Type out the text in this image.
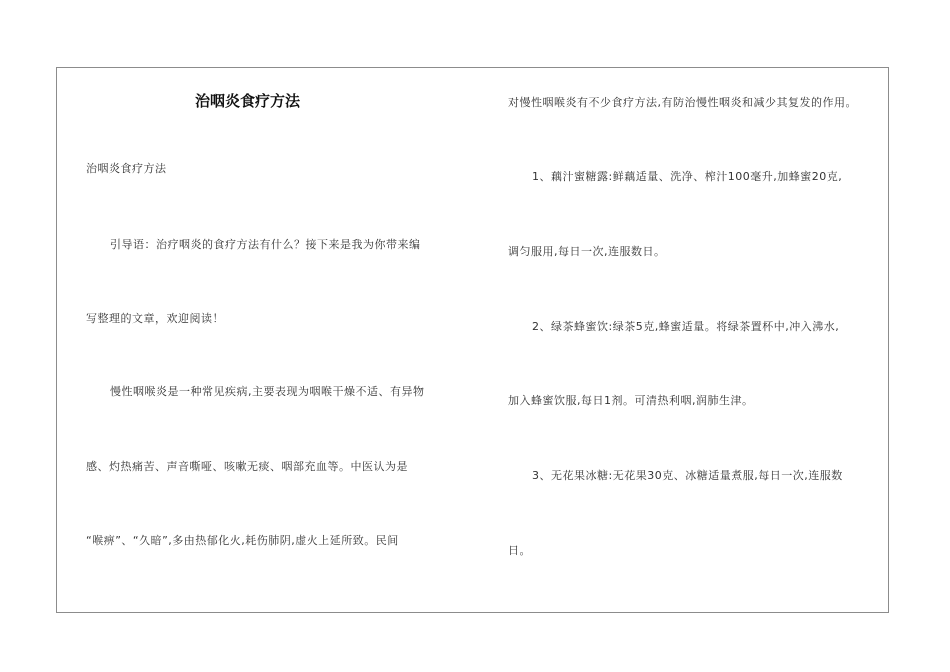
治咽炎食疗方法
治咽炎食疗方法
引导语：治疗咽炎的食疗方法有什么？接下来是我为你带来编
写整理的文章，欢迎阅读！
慢性咽喉炎是一种常见疾病,主要表现为咽喉干燥不适、有异物
感、灼热痛苦、声音嘶哑、咳嗽无痰、咽部充血等。中医认为是
“喉痹”、“久暗”,多由热郁化火,耗伤肺阴,虚火上延所致。民间
对慢性咽喉炎有不少食疗方法,有防治慢性咽炎和减少其复发的作用。
1、藕汁蜜糖露:鲜藕适量、洗净、榨汁100毫升,加蜂蜜20克,
调匀服用,每日一次,连服数日。
2、绿茶蜂蜜饮:绿茶5克,蜂蜜适量。将绿茶置杯中,冲入沸水,
加入蜂蜜饮服,每日1剂。可清热利咽,润肺生津。
3、无花果冰糖:无花果30克、冰糖适量煮服,每日一次,连服数
日。
